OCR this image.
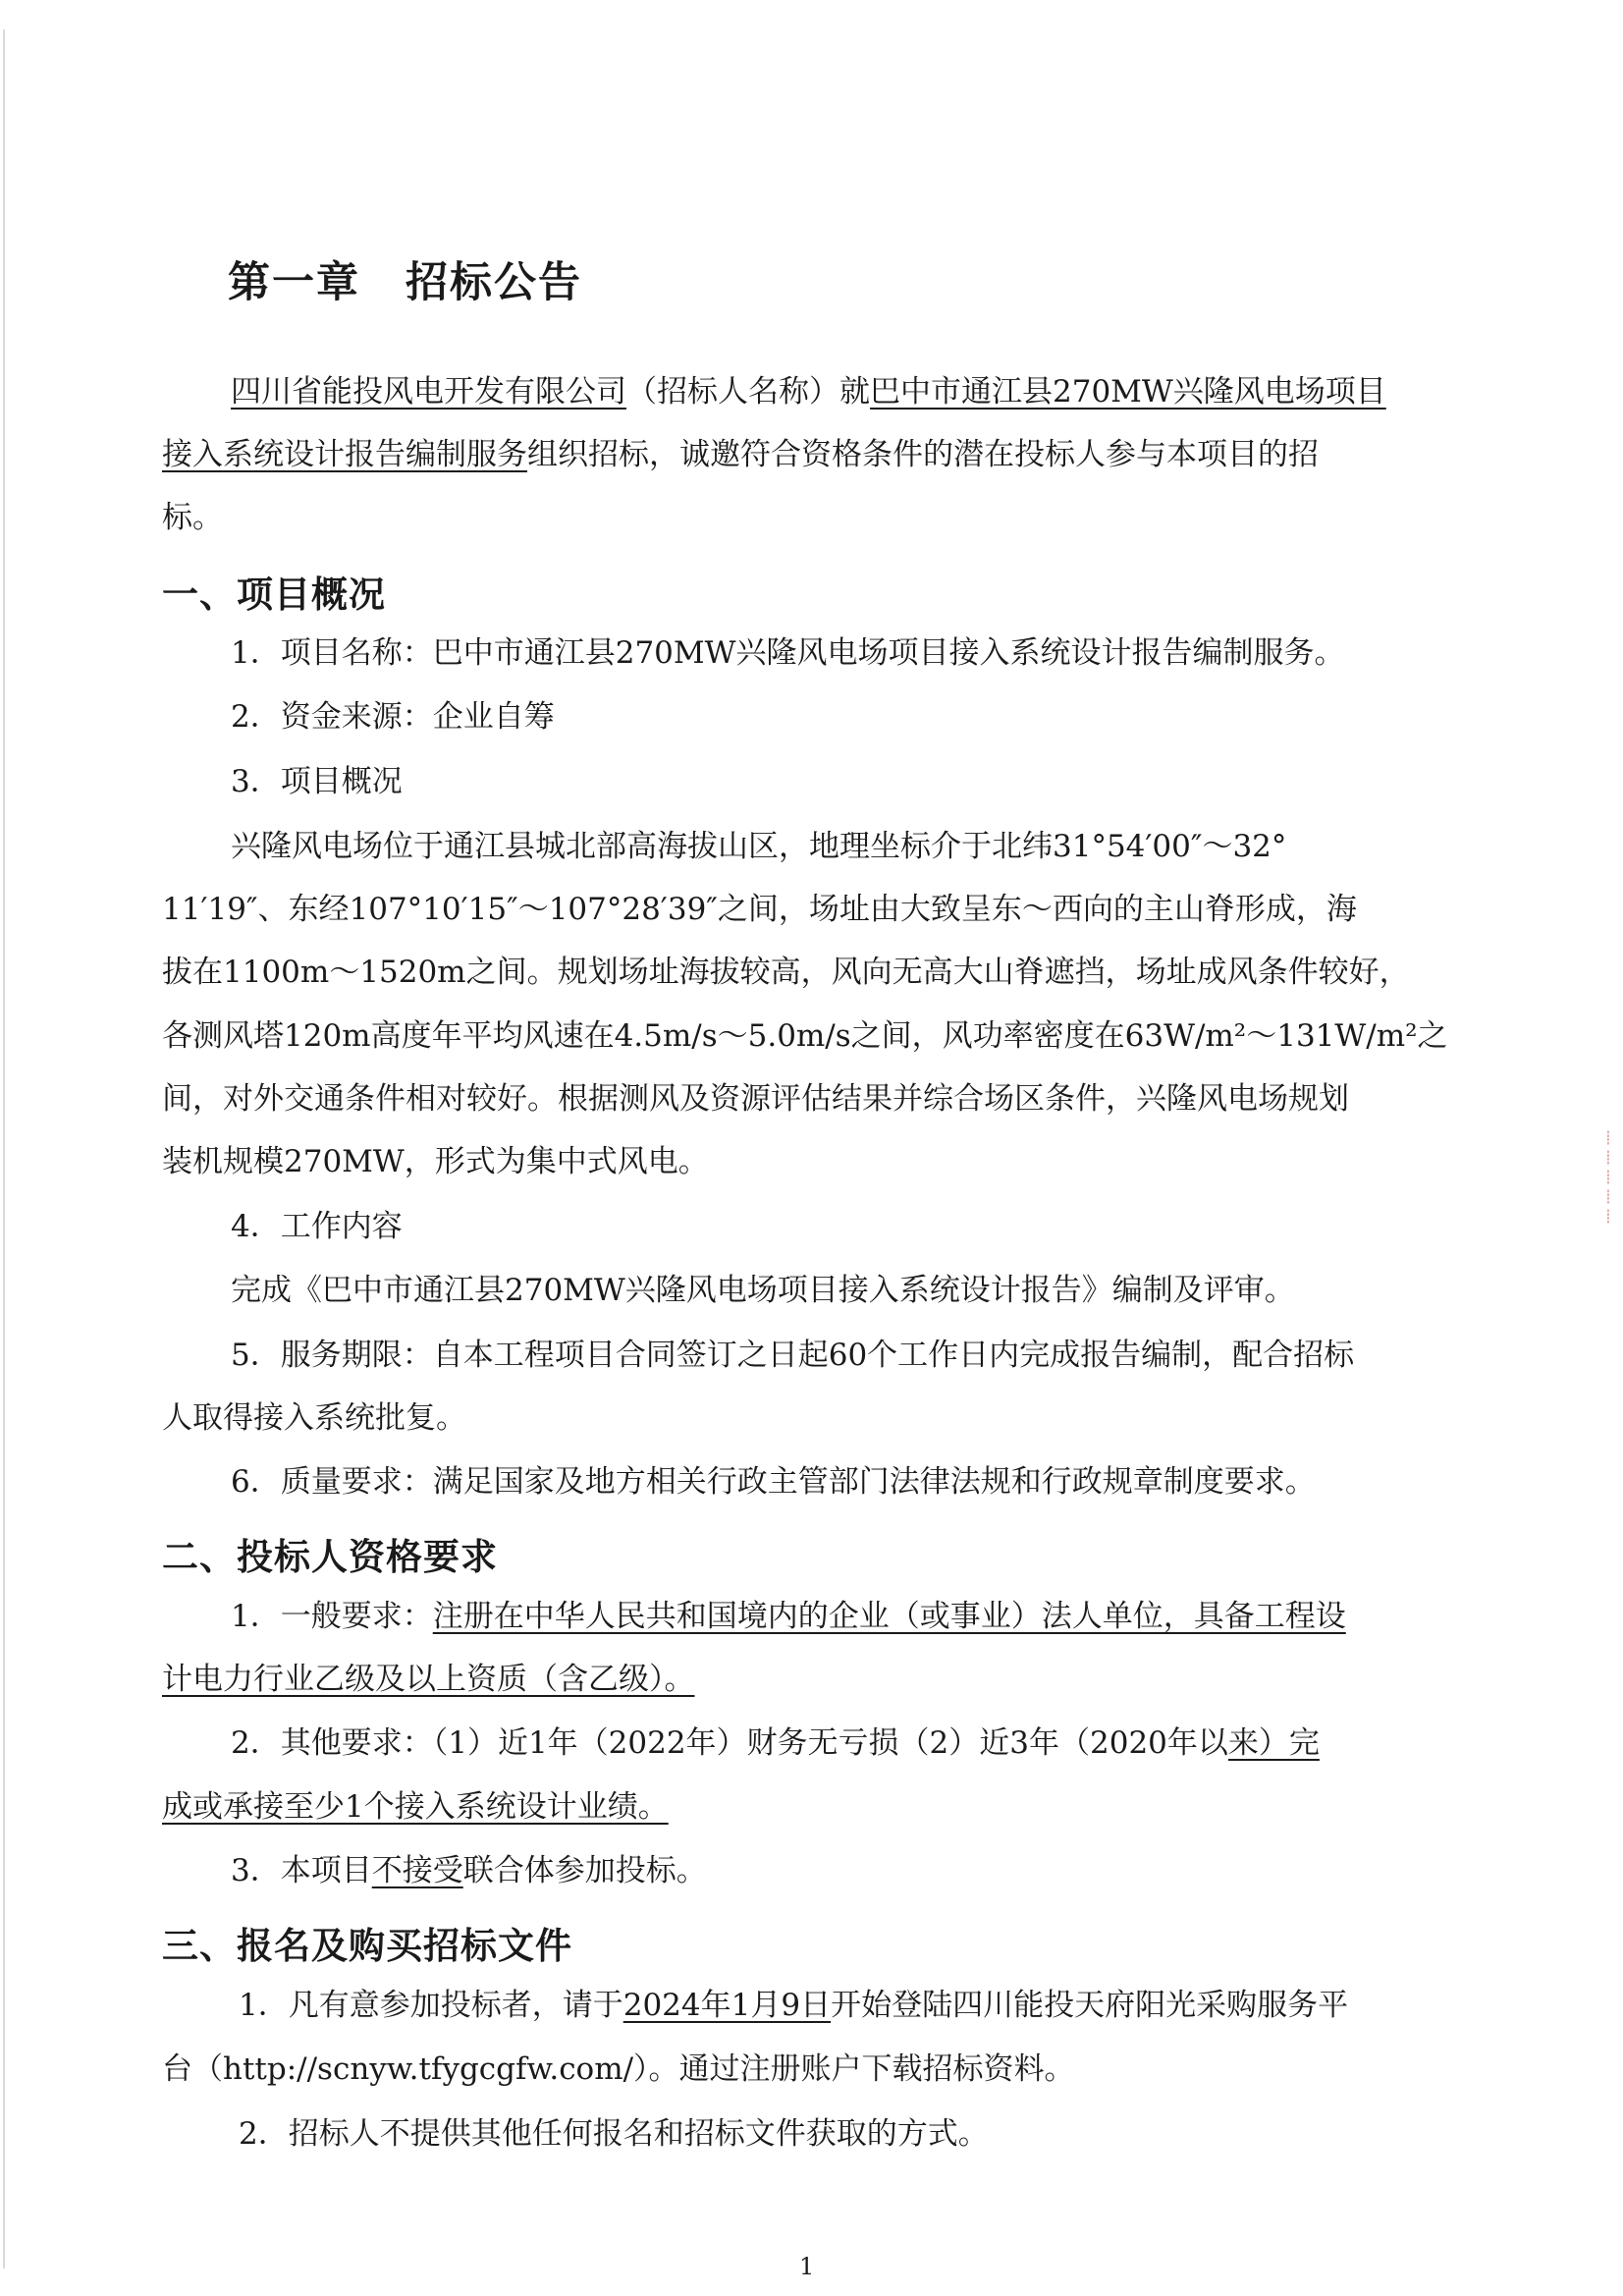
┊
┊
┊
┊
┊
第一章 招标公告
四川省能投风电开发有限公司（招标人名称）就巴中市通江县270MW兴隆风电场项目
接入系统设计报告编制服务组织招标，诚邀符合资格条件的潜在投标人参与本项目的招
标。
一、项目概况
1．项目名称：巴中市通江县270MW兴隆风电场项目接入系统设计报告编制服务。
2．资金来源：企业自筹
3．项目概况
兴隆风电场位于通江县城北部高海拔山区，地理坐标介于北纬31°54′00″～32°
11′19″、东经107°10′15″～107°28′39″之间，场址由大致呈东～西向的主山脊形成，海
拔在1100m～1520m之间。规划场址海拔较高，风向无高大山脊遮挡，场址成风条件较好，
各测风塔120m高度年平均风速在4.5m/s～5.0m/s之间，风功率密度在63W/m²～131W/m²之
间，对外交通条件相对较好。根据测风及资源评估结果并综合场区条件，兴隆风电场规划
装机规模270MW，形式为集中式风电。
4．工作内容
完成《巴中市通江县270MW兴隆风电场项目接入系统设计报告》编制及评审。
5．服务期限：自本工程项目合同签订之日起60个工作日内完成报告编制，配合招标
人取得接入系统批复。
6．质量要求：满足国家及地方相关行政主管部门法律法规和行政规章制度要求。
二、投标人资格要求
1．一般要求：注册在中华人民共和国境内的企业（或事业）法人单位，具备工程设
计电力行业乙级及以上资质（含乙级）。
2．其他要求：（1）近1年（2022年）财务无亏损（2）近3年（2020年以来）完
成或承接至少1个接入系统设计业绩。
3．本项目不接受联合体参加投标。
三、报名及购买招标文件
1．凡有意参加投标者，请于2024年1月9日开始登陆四川能投天府阳光采购服务平
台（http://scnyw.tfygcgfw.com/）。通过注册账户下载招标资料。
2．招标人不提供其他任何报名和招标文件获取的方式。
1
